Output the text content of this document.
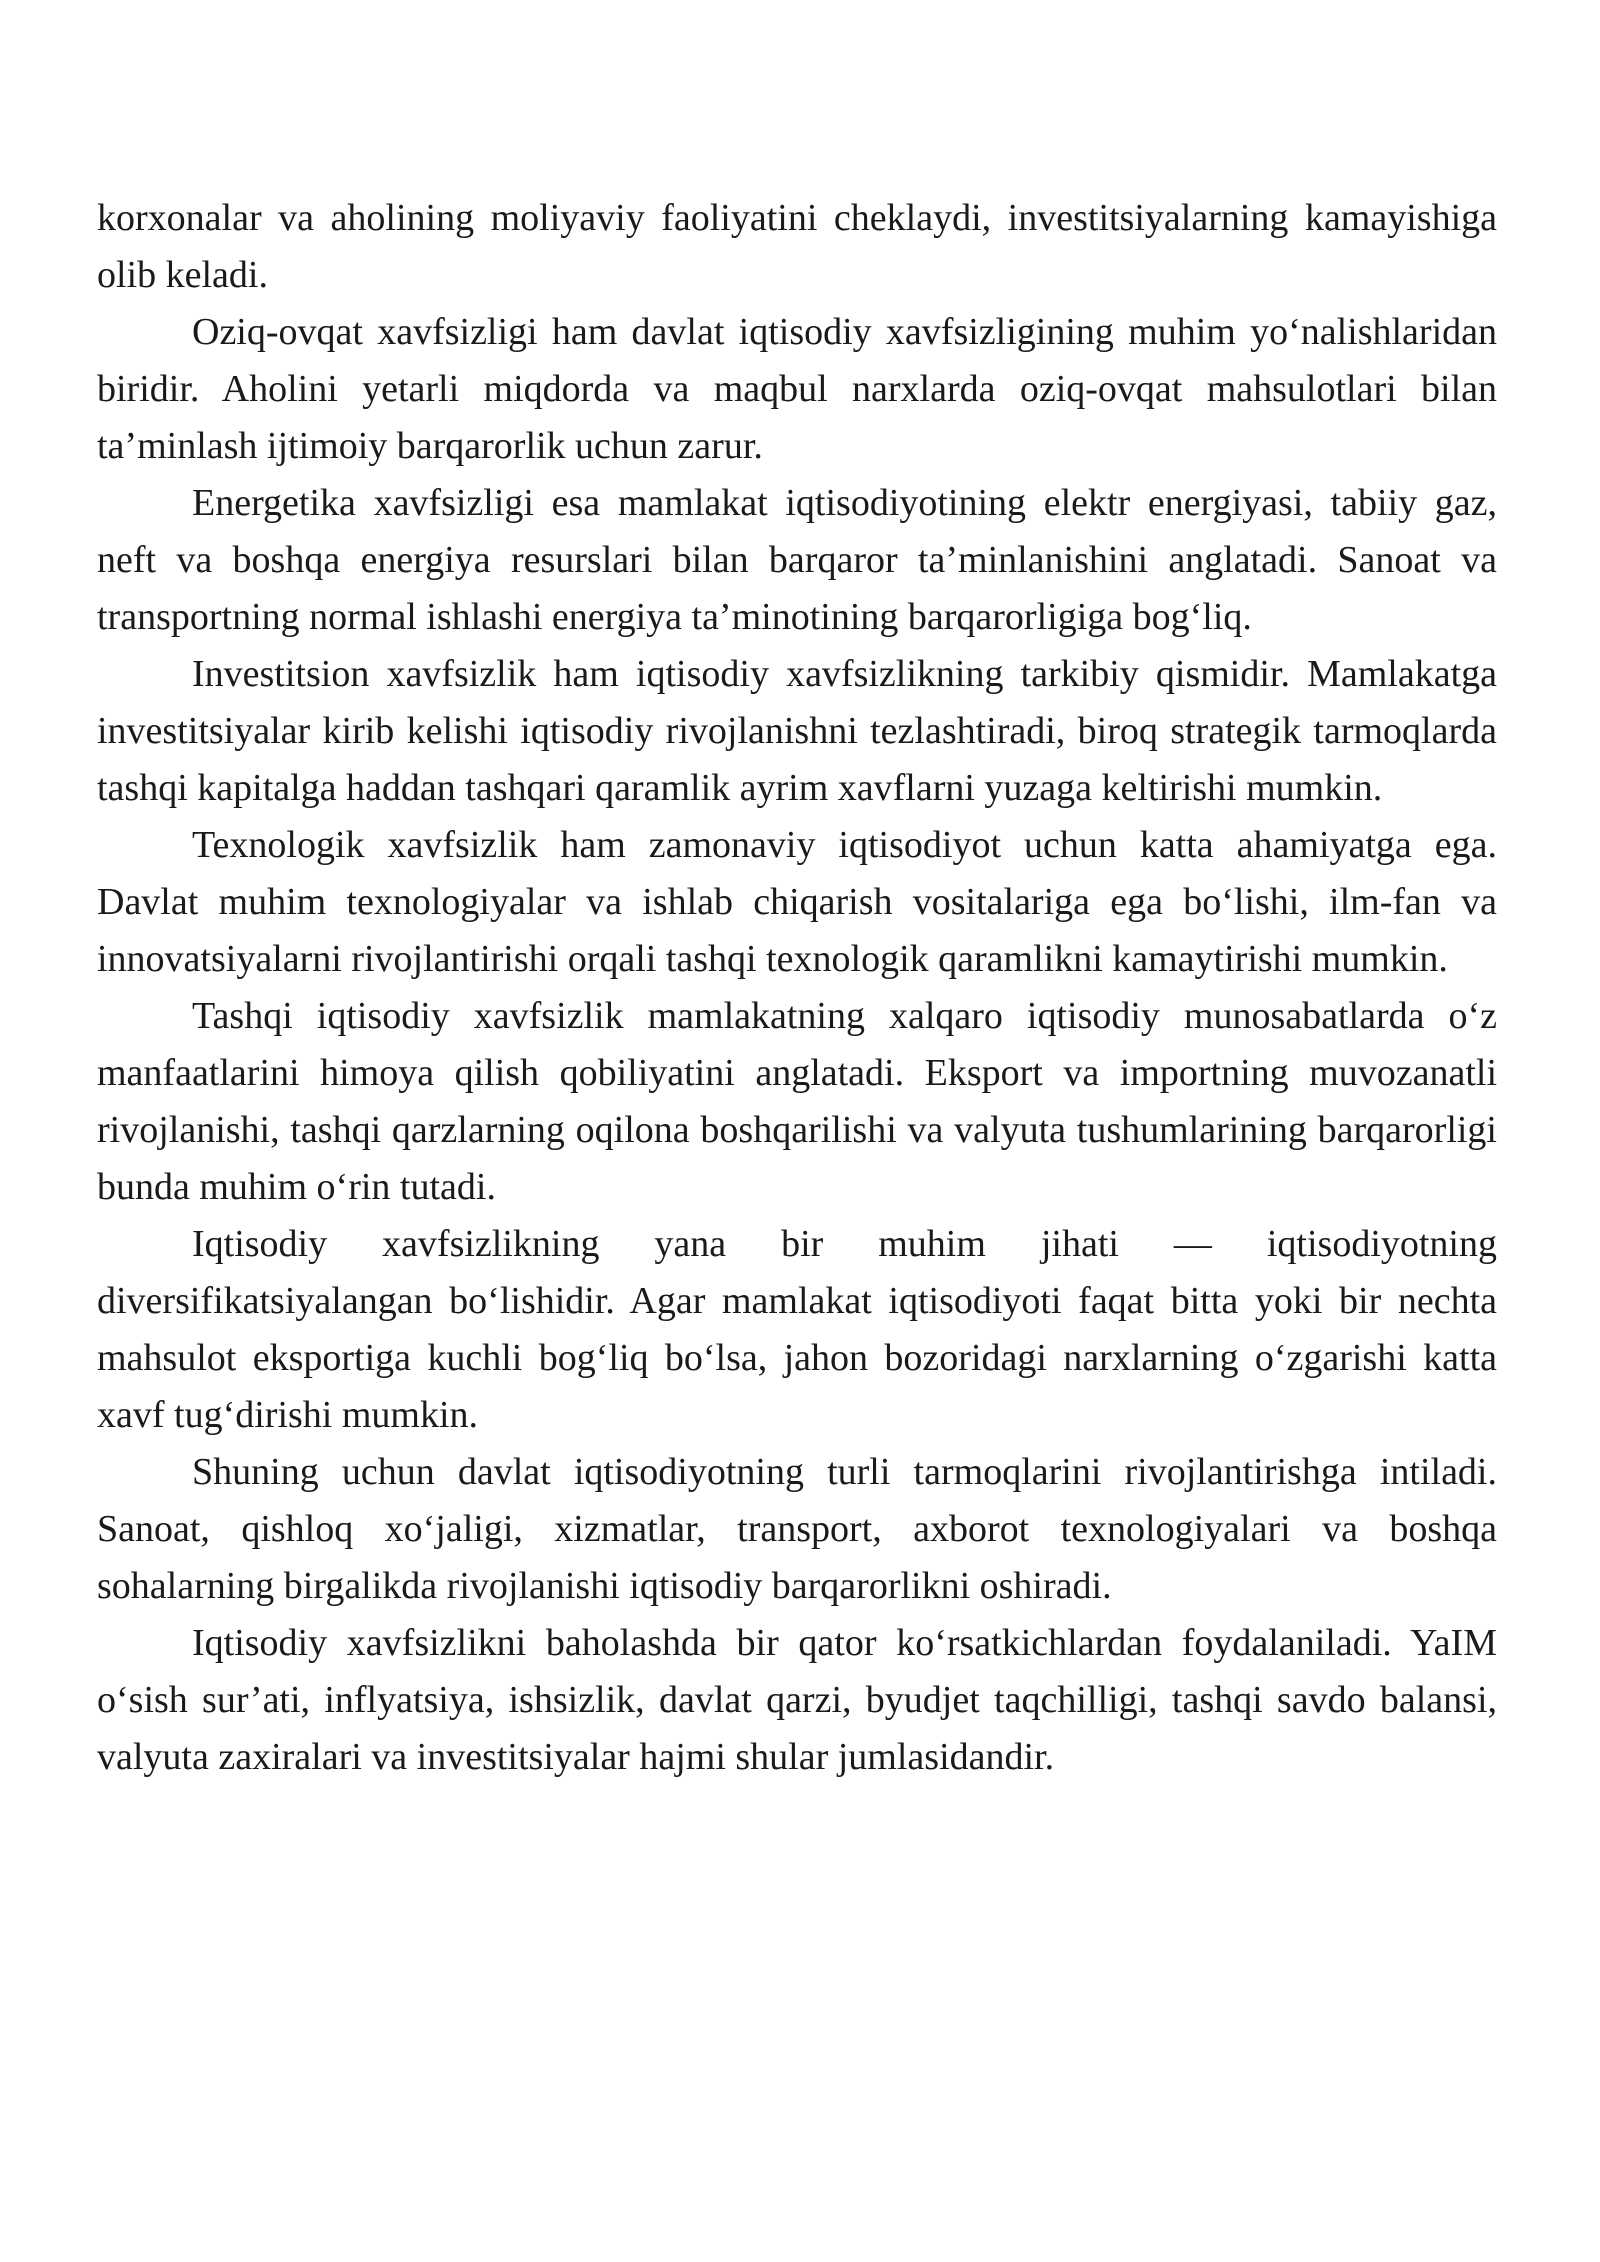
korxonalar va aholining moliyaviy faoliyatini cheklaydi, investitsiyalarning kamayishiga olib keladi.

Oziq-ovqat xavfsizligi ham davlat iqtisodiy xavfsizligining muhim yo‘nalishlaridan biridir. Aholini yetarli miqdorda va maqbul narxlarda oziq-ovqat mahsulotlari bilan ta’minlash ijtimoiy barqarorlik uchun zarur.

Energetika xavfsizligi esa mamlakat iqtisodiyotining elektr energiyasi, tabiiy gaz, neft va boshqa energiya resurslari bilan barqaror ta’minlanishini anglatadi. Sanoat va transportning normal ishlashi energiya ta’minotining barqarorligiga bog‘liq.

Investitsion xavfsizlik ham iqtisodiy xavfsizlikning tarkibiy qismidir. Mamlakatga investitsiyalar kirib kelishi iqtisodiy rivojlanishni tezlashtiradi, biroq strategik tarmoqlarda tashqi kapitalga haddan tashqari qaramlik ayrim xavflarni yuzaga keltirishi mumkin.

Texnologik xavfsizlik ham zamonaviy iqtisodiyot uchun katta ahamiyatga ega. Davlat muhim texnologiyalar va ishlab chiqarish vositalariga ega bo‘lishi, ilm-fan va innovatsiyalarni rivojlantirishi orqali tashqi texnologik qaramlikni kamaytirishi mumkin.

Tashqi iqtisodiy xavfsizlik mamlakatning xalqaro iqtisodiy munosabatlarda o‘z manfaatlarini himoya qilish qobiliyatini anglatadi. Eksport va importning muvozanatli rivojlanishi, tashqi qarzlarning oqilona boshqarilishi va valyuta tushumlarining barqarorligi bunda muhim o‘rin tutadi.

Iqtisodiy xavfsizlikning yana bir muhim jihati — iqtisodiyotning diversifikatsiyalangan bo‘lishidir. Agar mamlakat iqtisodiyoti faqat bitta yoki bir nechta mahsulot eksportiga kuchli bog‘liq bo‘lsa, jahon bozoridagi narxlarning o‘zgarishi katta xavf tug‘dirishi mumkin.

Shuning uchun davlat iqtisodiyotning turli tarmoqlarini rivojlantirishga intiladi. Sanoat, qishloq xo‘jaligi, xizmatlar, transport, axborot texnologiyalari va boshqa sohalarning birgalikda rivojlanishi iqtisodiy barqarorlikni oshiradi.

Iqtisodiy xavfsizlikni baholashda bir qator ko‘rsatkichlardan foydalaniladi. YaIM o‘sish sur’ati, inflyatsiya, ishsizlik, davlat qarzi, byudjet taqchilligi, tashqi savdo balansi, valyuta zaxiralari va investitsiyalar hajmi shular jumlasidandir.
